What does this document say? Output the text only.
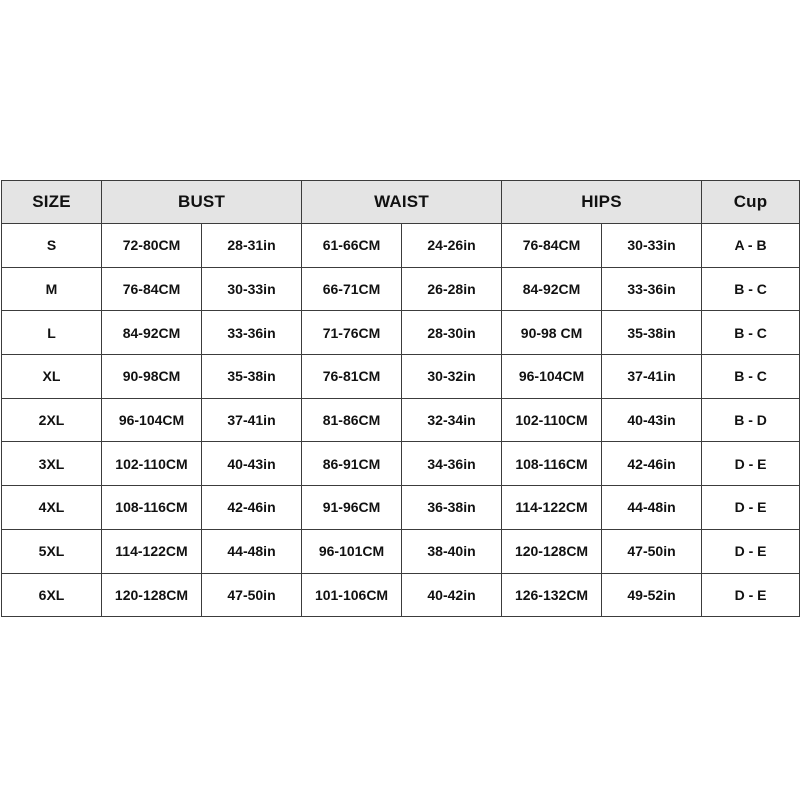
SIZE	BUST		WAIST		HIPS		Cup
S	72-80CM	28-31in	61-66CM	24-26in	76-84CM	30-33in	A - B
M	76-84CM	30-33in	66-71CM	26-28in	84-92CM	33-36in	B - C
L	84-92CM	33-36in	71-76CM	28-30in	90-98 CM	35-38in	B - C
XL	90-98CM	35-38in	76-81CM	30-32in	96-104CM	37-41in	B - C
2XL	96-104CM	37-41in	81-86CM	32-34in	102-110CM	40-43in	B - D
3XL	102-110CM	40-43in	86-91CM	34-36in	108-116CM	42-46in	D - E
4XL	108-116CM	42-46in	91-96CM	36-38in	114-122CM	44-48in	D - E
5XL	114-122CM	44-48in	96-101CM	38-40in	120-128CM	47-50in	D - E
6XL	120-128CM	47-50in	101-106CM	40-42in	126-132CM	49-52in	D - E
